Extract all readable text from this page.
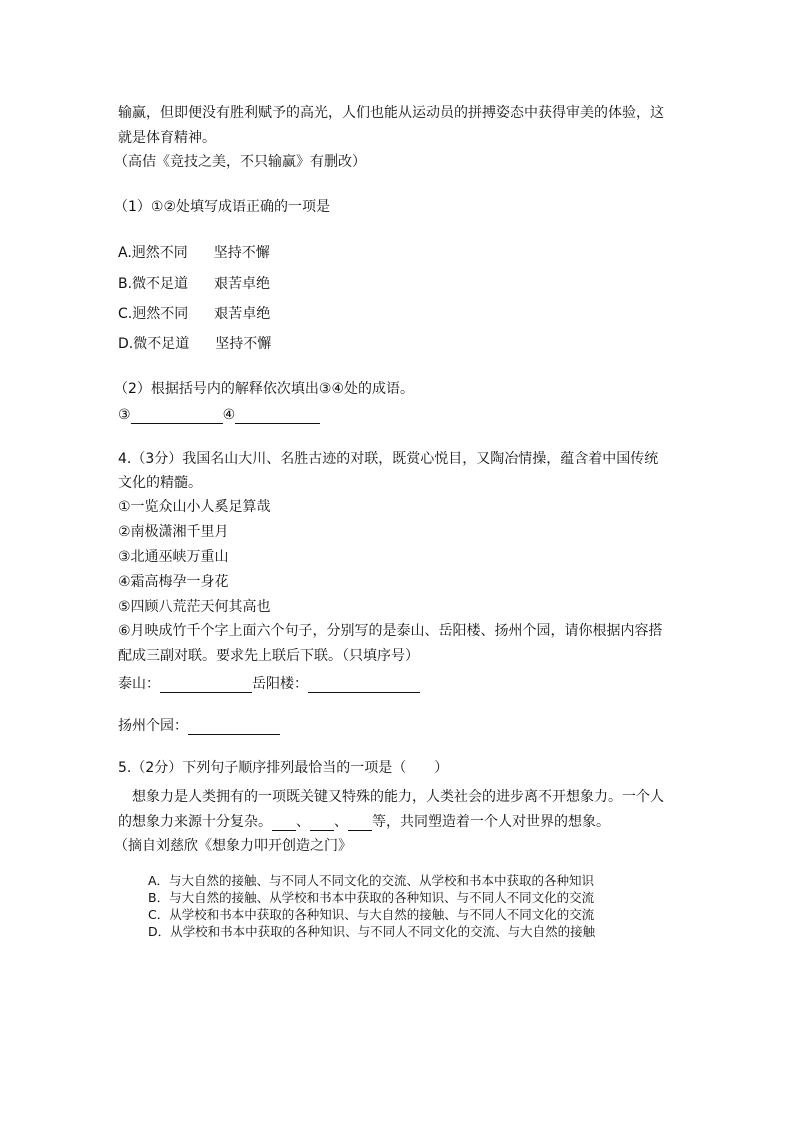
输赢，但即便没有胜利赋予的高光，人们也能从运动员的拼搏姿态中获得审美的体验，这
就是体育精神。
（高佶《竞技之美，不只输赢》有删改）
（1）①②处填写成语正确的一项是
A.迥然不同 坚持不懈
B.微不足道 艰苦卓绝
C.迥然不同 艰苦卓绝
D.微不足道 坚持不懈
（2）根据括号内的解释依次填出③④处的成语。
③	④
4.（3分）我国名山大川、名胜古迹的对联，既赏心悦目，又陶冶情操，蕴含着中国传统
文化的精髓。
①一览众山小人奚足算哉
②南极潇湘千里月
③北通巫峡万重山
④霜高梅孕一身花
⑤四顾八荒茫天何其高也
⑥月映成竹千个字上面六个句子，分别写的是泰山、岳阳楼、扬州个园，请你根据内容搭
配成三副对联。要求先上联后下联。（只填序号）
泰山：	岳阳楼：
扬州个园：
5.（2分）下列句子顺序排列最恰当的一项是（　　）
想象力是人类拥有的一项既关键又特殊的能力，人类社会的进步离不开想象力。一个人
的想象力来源十分复杂。 、 、 等，共同塑造着一个人对世界的想象。
（摘自刘慈欣《想象力叩开创造之门》
A．与大自然的接触、与不同人不同文化的交流、从学校和书本中获取的各种知识
B．与大自然的接触、从学校和书本中获取的各种知识、与不同人不同文化的交流
C．从学校和书本中获取的各种知识、与大自然的接触、与不同人不同文化的交流
D．从学校和书本中获取的各种知识、与不同人不同文化的交流、与大自然的接触
